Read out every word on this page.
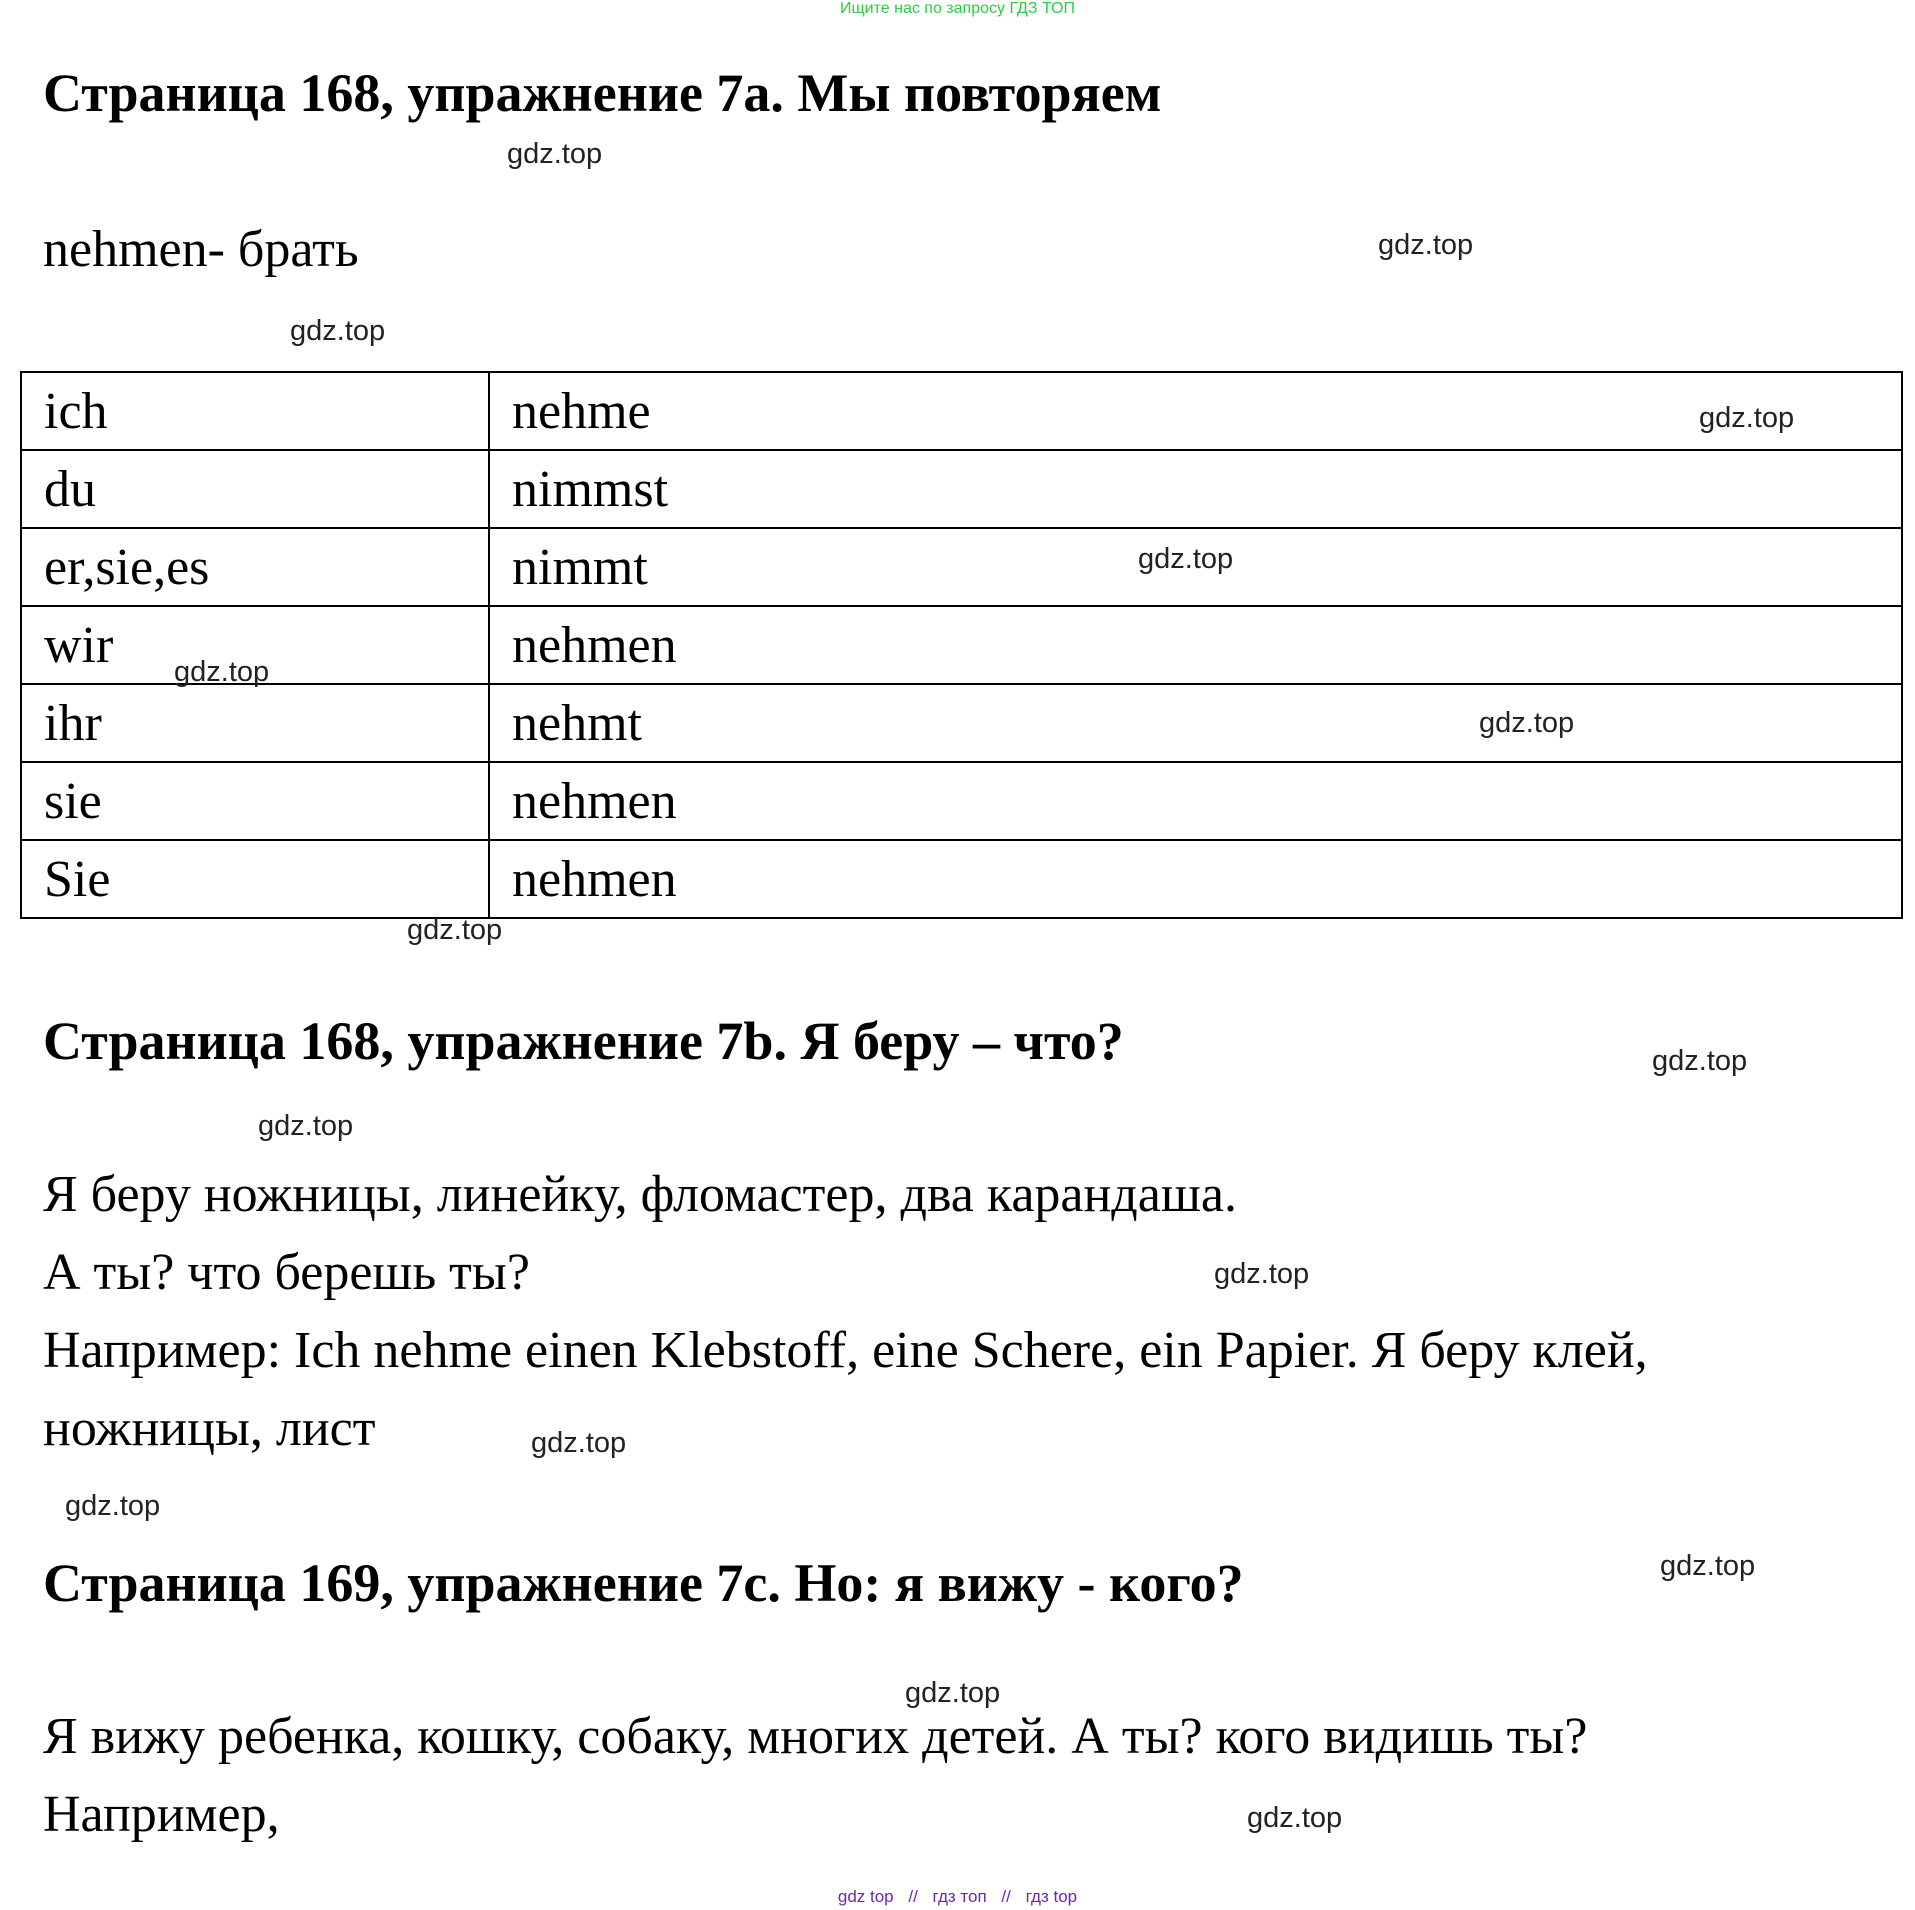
Ищите нас по запросу ГДЗ ТОП
Страница 168, упражнение 7а. Мы повторяем

nehmen- брать

ich	nehme
du	nimmst
er,sie,es	nimmt
wir	nehmen
ihr	nehmt
sie	nehmen
Sie	nehmen
Страница 168, упражнение 7b. Я беру – что?

Я беру ножницы, линейку, фломастер, два карандаша.

А ты? что берешь ты?

Например: Ich nehme einen Klebstoff, eine Schere, ein Papier. Я беру клей,

ножницы, лист

Страница 169, упражнение 7с. Но: я вижу - кого?

Я вижу ребенка, кошку, собаку, многих детей. А ты? кого видишь ты?

Например,

gdz.top
gdz.top
gdz.top
gdz.top
gdz.top
gdz.top
gdz.top
gdz.top
gdz.top
gdz.top
gdz.top
gdz.top
gdz.top
gdz.top
gdz.top
gdz.top
gdz top // гдз топ // гдз top
